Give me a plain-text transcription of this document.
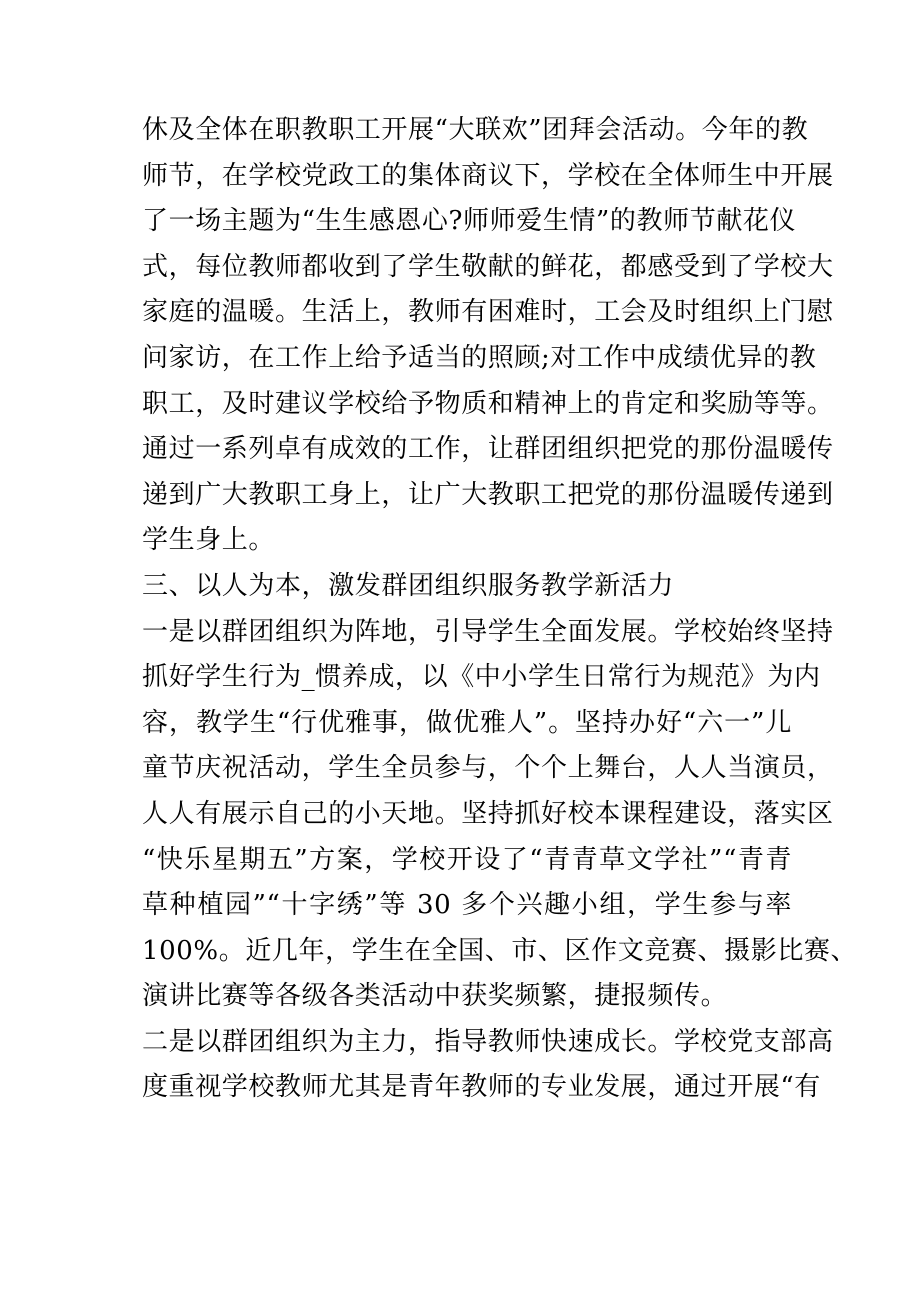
休及全体在职教职工开展“大联欢”团拜会活动。今年的教
师节，在学校党政工的集体商议下，学校在全体师生中开展
了一场主题为“生生感恩心?师师爱生情”的教师节献花仪
式，每位教师都收到了学生敬献的鲜花，都感受到了学校大
家庭的温暖。生活上，教师有困难时，工会及时组织上门慰
问家访，在工作上给予适当的照顾;对工作中成绩优异的教
职工，及时建议学校给予物质和精神上的肯定和奖励等等。
通过一系列卓有成效的工作，让群团组织把党的那份温暖传
递到广大教职工身上，让广大教职工把党的那份温暖传递到
学生身上。
三、以人为本，激发群团组织服务教学新活力
一是以群团组织为阵地，引导学生全面发展。学校始终坚持
抓好学生行为_惯养成，以《中小学生日常行为规范》为内
容，教学生“行优雅事，做优雅人”。坚持办好“六一”儿
童节庆祝活动，学生全员参与，个个上舞台，人人当演员，
人人有展示自己的小天地。坚持抓好校本课程建设，落实区
“快乐星期五”方案，学校开设了“青青草文学社”“青青
草种植园”“十字绣”等 30 多个兴趣小组，学生参与率
100%。近几年，学生在全国、市、区作文竞赛、摄影比赛、
演讲比赛等各级各类活动中获奖频繁，捷报频传。
二是以群团组织为主力，指导教师快速成长。学校党支部高
度重视学校教师尤其是青年教师的专业发展，通过开展“有
